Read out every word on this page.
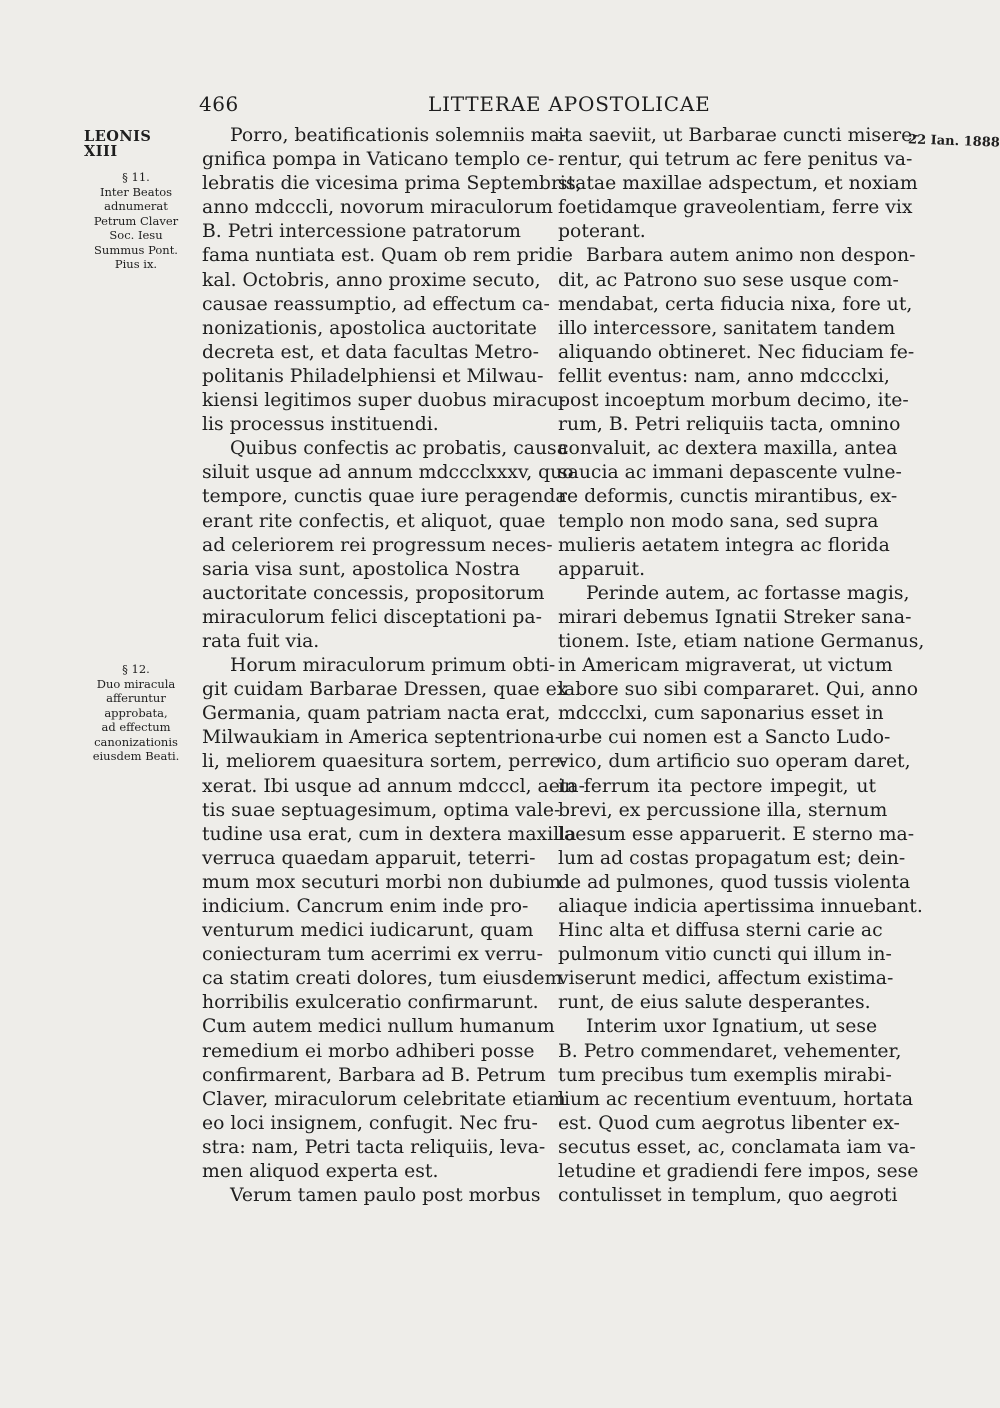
466	LITTERAE APOSTOLICAE
LEONIS XIII
§ 11.
Inter Beatos
adnumerat
Petrum Claver
Soc. Iesu
Summus Pont.
Pius ix.
§ 12.
Duo miracula
afferuntur
approbata,
ad effectum
canonizationis
eiusdem Beati.
22 Ian. 1888
Porro, beatificationis solemniis ma-
gnifica pompa in Vaticano templo ce-
lebratis die vicesima prima Septembris,
anno mdcccli, novorum miraculorum
B. Petri intercessione patratorum
fama nuntiata est. Quam ob rem pridie
kal. Octobris, anno proxime secuto,
causae reassumptio, ad effectum ca-
nonizationis, apostolica auctoritate
decreta est, et data facultas Metro-
politanis Philadelphiensi et Milwau-
kiensi legitimos super duobus miracu-
lis processus instituendi.
Quibus confectis ac probatis, causa
siluit usque ad annum mdccclxxxv, quo
tempore, cunctis quae iure peragenda
erant rite confectis, et aliquot, quae
ad celeriorem rei progressum neces-
saria visa sunt, apostolica Nostra
auctoritate concessis, propositorum
miraculorum felici disceptationi pa-
rata fuit via.
Horum miraculorum primum obti-
git cuidam Barbarae Dressen, quae ex
Germania, quam patriam nacta erat,
Milwaukiam in America septentriona-
li, meliorem quaesitura sortem, perre-
xerat. Ibi usque ad annum mdcccl, aeta-
tis suae septuagesimum, optima vale-
tudine usa erat, cum in dextera maxilla
verruca quaedam apparuit, teterri-
mum mox secuturi morbi non dubium
indicium. Cancrum enim inde pro-
venturum medici iudicarunt, quam
coniecturam tum acerrimi ex verru-
ca statim creati dolores, tum eiusdem
horribilis exulceratio confirmarunt.
Cum autem medici nullum humanum
remedium ei morbo adhiberi posse
confirmarent, Barbara ad B. Petrum
Claver, miraculorum celebritate etiam
eo loci insignem, confugit. Nec fru-
stra: nam, Petri tacta reliquiis, leva-
men aliquod experta est.
Verum tamen paulo post morbus
ita saeviit, ut Barbarae cuncti misere-
rentur, qui tetrum ac fere penitus va-
statae maxillae adspectum, et noxiam
foetidamque graveolentiam, ferre vix
poterant.
Barbara autem animo non despon-
dit, ac Patrono suo sese usque com-
mendabat, certa fiducia nixa, fore ut,
illo intercessore, sanitatem tandem
aliquando obtineret. Nec fiduciam fe-
fellit eventus: nam, anno mdccclxi,
post incoeptum morbum decimo, ite-
rum, B. Petri reliquiis tacta, omnino
convaluit, ac dextera maxilla, antea
saucia ac immani depascente vulne-
re deformis, cunctis mirantibus, ex-
templo non modo sana, sed supra
mulieris aetatem integra ac florida
apparuit.
Perinde autem, ac fortasse magis,
mirari debemus Ignatii Streker sana-
tionem. Iste, etiam natione Germanus,
in Americam migraverat, ut victum
labore suo sibi compararet. Qui, anno
mdccclxi, cum saponarius esset in
urbe cui nomen est a Sancto Ludo-
vico, dum artificio suo operam daret,
in ferrum ita pectore impegit, ut
brevi, ex percussione illa, sternum
laesum esse apparuerit. E sterno ma-
lum ad costas propagatum est; dein-
de ad pulmones, quod tussis violenta
aliaque indicia apertissima innuebant.
Hinc alta et diffusa sterni carie ac
pulmonum vitio cuncti qui illum in-
viserunt medici, affectum existima-
runt, de eius salute desperantes.
Interim uxor Ignatium, ut sese
B. Petro commendaret, vehementer,
tum precibus tum exemplis mirabi-
lium ac recentium eventuum, hortata
est. Quod cum aegrotus libenter ex-
secutus esset, ac, conclamata iam va-
letudine et gradiendi fere impos, sese
contulisset in templum, quo aegroti
